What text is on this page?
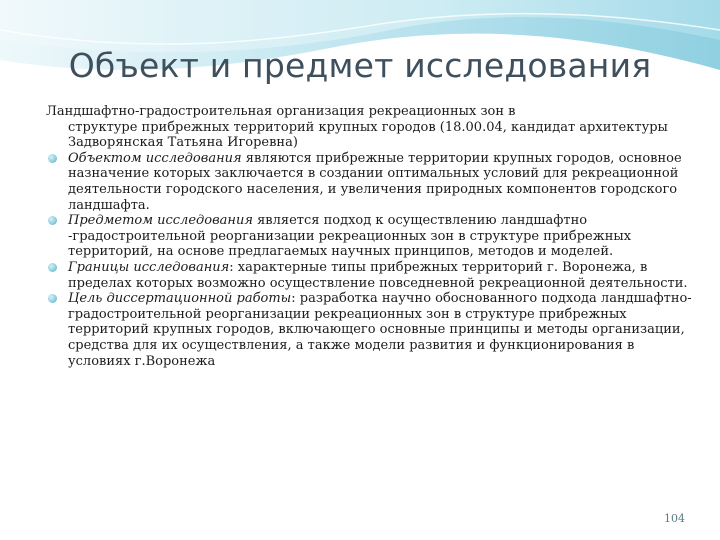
Объект и предмет исследования

Ландшафтно-градостроительная организация рекреационных зон в
структуре прибрежных территорий крупных городов (18.00.04, кандидат архитектуры Задворянская Татьяна Игоревна)

Объектом исследования являются прибрежные территории крупных городов, основное назначение которых заключается в создании оптимальных условий для рекреационной деятельности городского населения, и увеличения природных компонентов городского ландшафта.
Предметом исследования является подход к осуществлению ландшафтно -градостроительной реорганизации рекреационных зон в структуре прибрежных территорий, на основе предлагаемых научных принципов, методов и моделей.
Границы исследования: характерные типы прибрежных территорий г. Воронежа, в пределах которых возможно осуществление повседневной рекреационной деятельности.
Цель диссертационной работы: разработка научно обоснованного подхода ландшафтно-градостроительной реорганизации рекреационных зон в структуре прибрежных территорий крупных городов, включающего основные принципы и методы организации, средства для их осуществления, а также модели развития и функционирования в условиях г.Воронежа
104
